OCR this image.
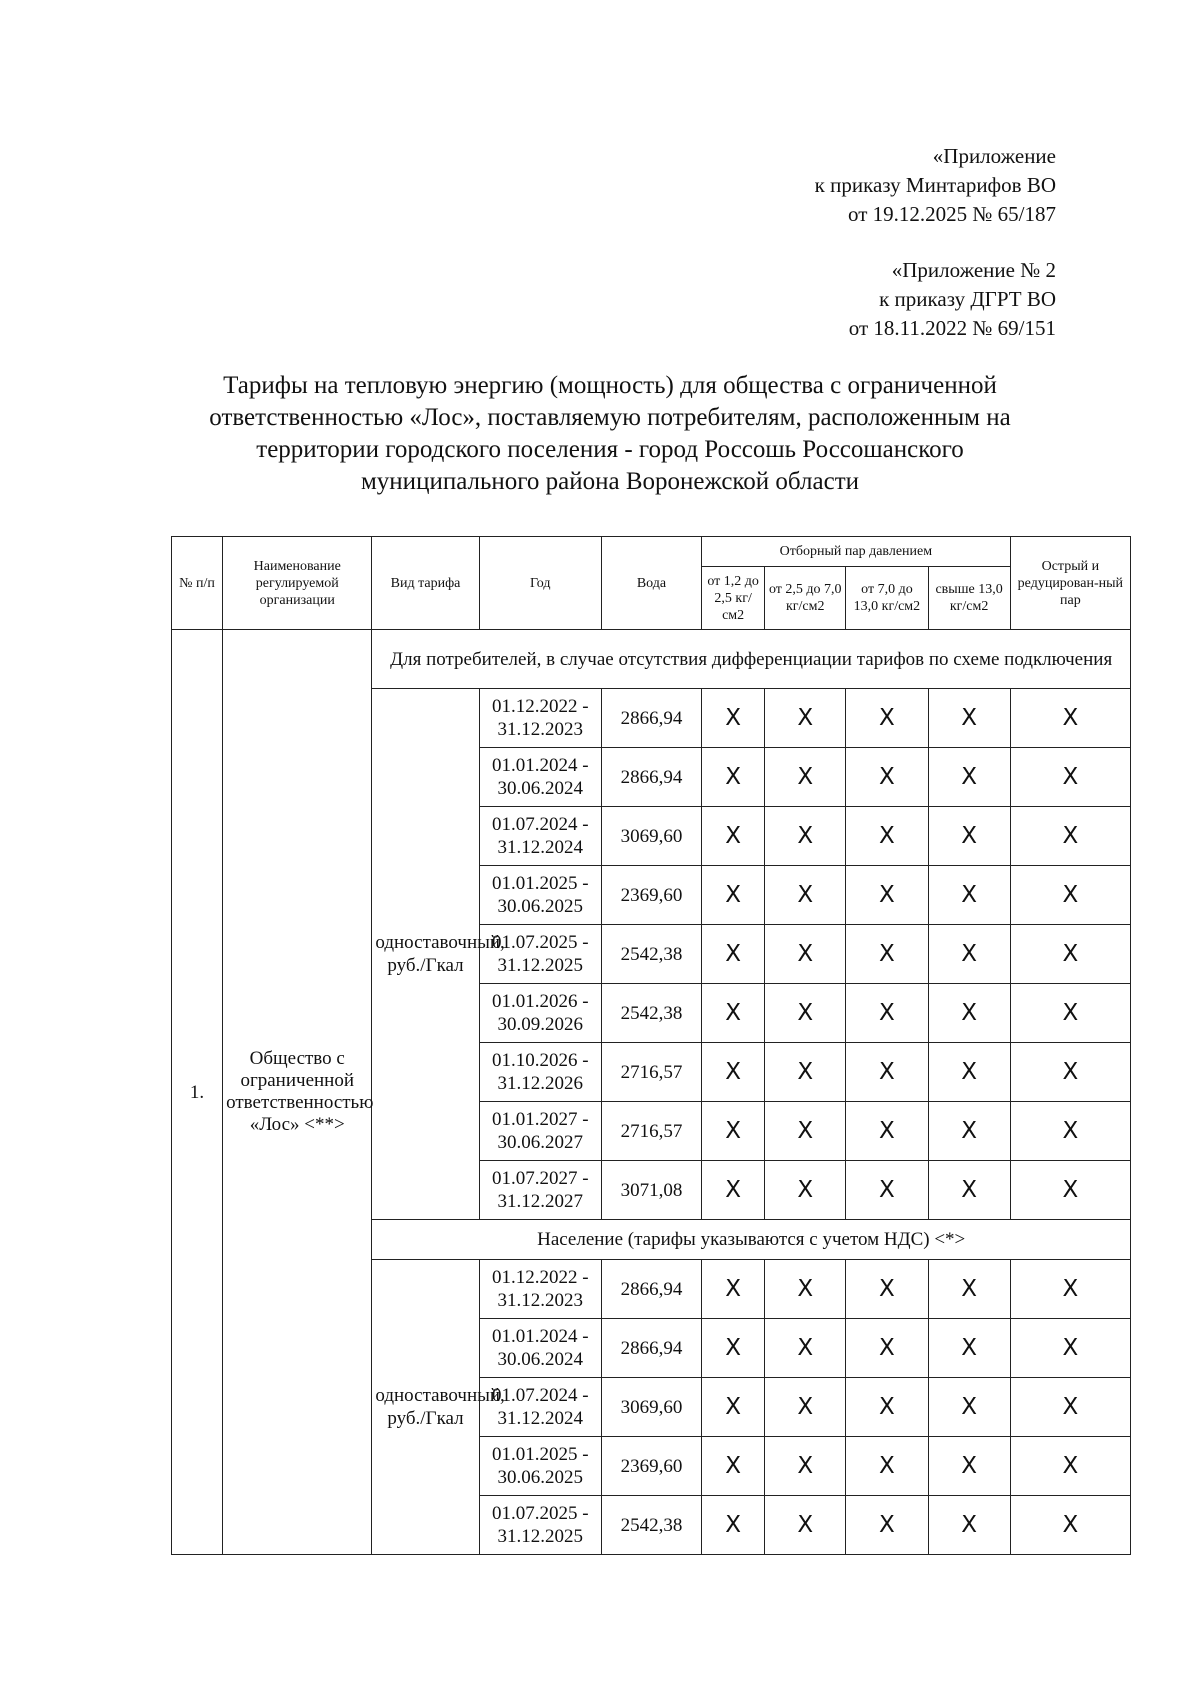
«Приложение
к приказу Минтарифов ВО
от 19.12.2025 № 65/187
«Приложение № 2
к приказу ДГРТ ВО
от 18.11.2022 № 69/151
Тарифы на тепловую энергию (мощность) для общества с ограниченной ответственностью «Лос», поставляемую потребителям, расположенным на территории городского поселения - город Россошь Россошанского муниципального района Воронежской области
№ п/п	Наименование регулируемой организации	Вид тарифа	Год	Вода	Отборный пар давлением				Острый и редуцирован-ный пар
					от 1,2 до 2,5 кг/см2	от 2,5 до 7,0 кг/см2	от 7,0 до 13,0 кг/см2	свыше 13,0 кг/см2	
1.	Общество с ограниченной ответственностью «Лос» <**>	Для потребителей, в случае отсутствия дифференциации тарифов по схеме подключения							
		одноставочный, руб./Гкал	01.12.2022 - 31.12.2023	2866,94	X	X	X	X	X
			01.01.2024 - 30.06.2024	2866,94	X	X	X	X	X
			01.07.2024 - 31.12.2024	3069,60	X	X	X	X	X
			01.01.2025 - 30.06.2025	2369,60	X	X	X	X	X
			01.07.2025 - 31.12.2025	2542,38	X	X	X	X	X
			01.01.2026 - 30.09.2026	2542,38	X	X	X	X	X
			01.10.2026 - 31.12.2026	2716,57	X	X	X	X	X
			01.01.2027 - 30.06.2027	2716,57	X	X	X	X	X
			01.07.2027 - 31.12.2027	3071,08	X	X	X	X	X
		Население (тарифы указываются с учетом НДС) <*>							
		одноставочный, руб./Гкал	01.12.2022 - 31.12.2023	2866,94	X	X	X	X	X
			01.01.2024 - 30.06.2024	2866,94	X	X	X	X	X
			01.07.2024 - 31.12.2024	3069,60	X	X	X	X	X
			01.01.2025 - 30.06.2025	2369,60	X	X	X	X	X
			01.07.2025 - 31.12.2025	2542,38	X	X	X	X	X
